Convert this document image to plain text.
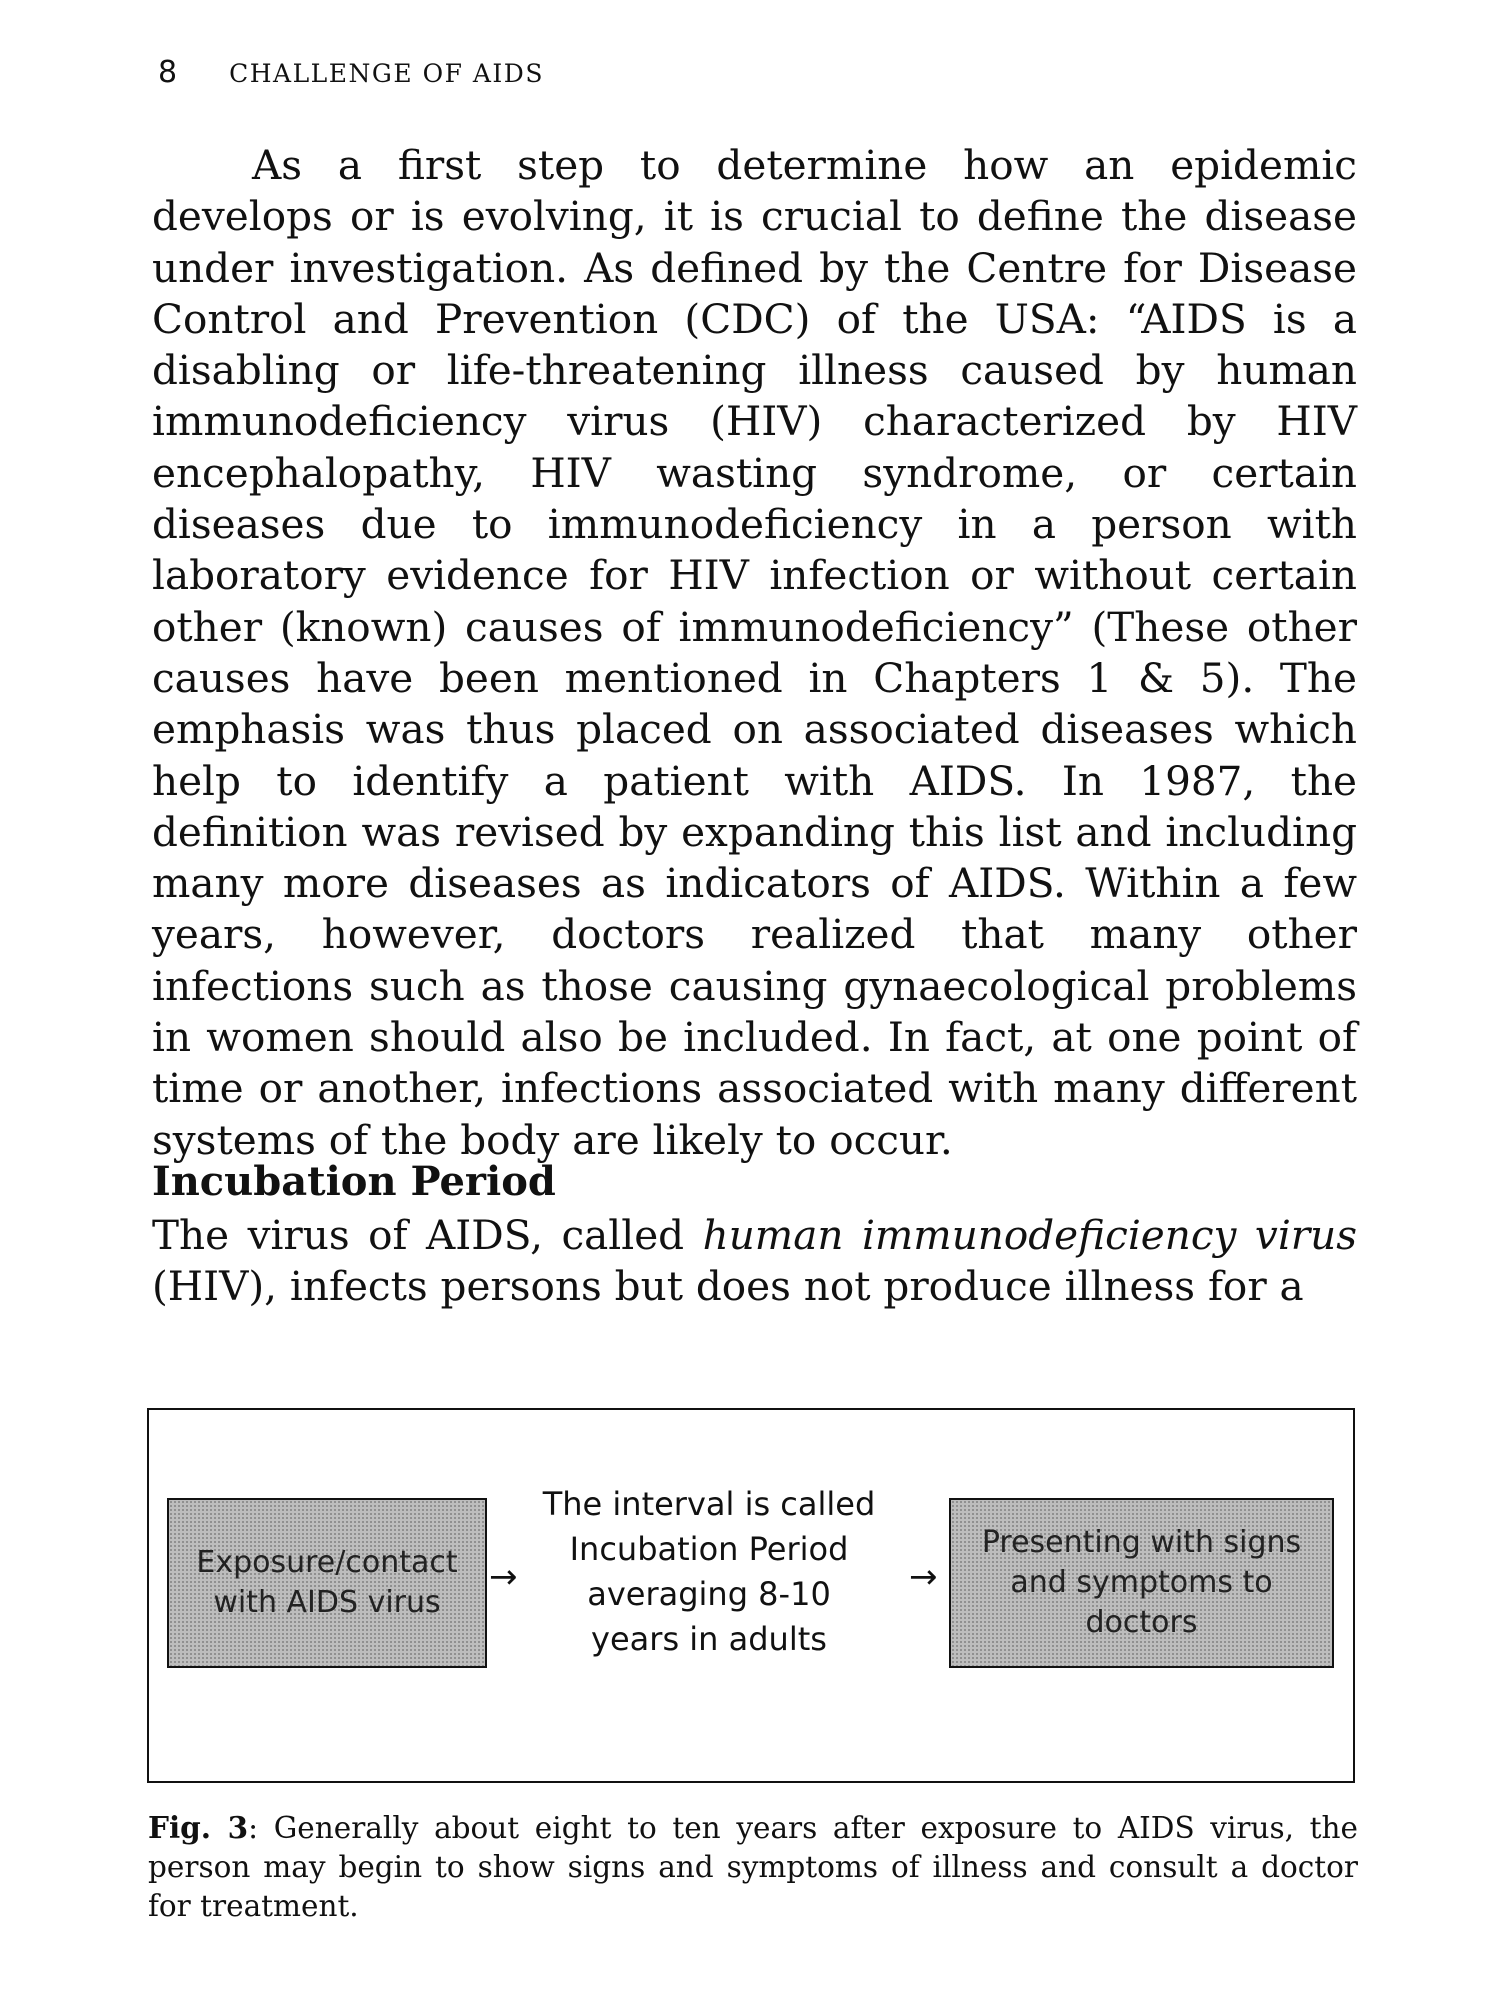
8 CHALLENGE OF AIDS

As a first step to determine how an epidemic develops or is evolving, it is crucial to define the disease under investigation. As defined by the Centre for Disease Control and Prevention (CDC) of the USA: “AIDS is a disabling or life-threatening illness caused by human immunodeficiency virus (HIV) characterized by HIV encephalopathy, HIV wasting syndrome, or certain diseases due to immunodeficiency in a person with laboratory evidence for HIV infection or without certain other (known) causes of immunodeficiency” (These other causes have been mentioned in Chapters 1 & 5). The emphasis was thus placed on associated diseases which help to identify a patient with AIDS. In 1987, the definition was revised by expanding this list and including many more diseases as indicators of AIDS. Within a few years, however, doctors realized that many other infections such as those causing gynaecological problems in women should also be included. In fact, at one point of time or another, infections associated with many different systems of the body are likely to occur.

Incubation Period

The virus of AIDS, called human immunodeficiency virus (HIV), infects persons but does not produce illness for a

Exposure/contact with AIDS virus
→
The interval is called Incubation Period averaging 8-10 years in adults
→
Presenting with signs and symptoms to doctors

Fig. 3: Generally about eight to ten years after exposure to AIDS virus, the person may begin to show signs and symptoms of illness and consult a doctor for treatment.
